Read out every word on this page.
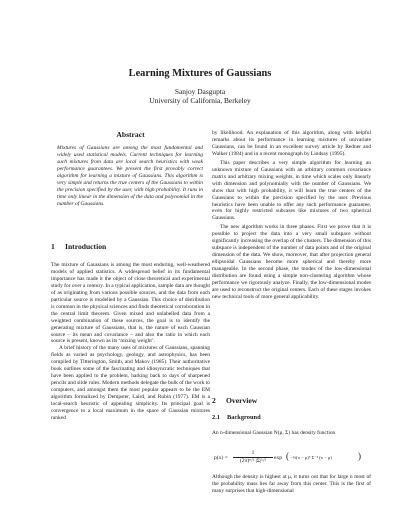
Learning Mixtures of Gaussians
Sanjoy Dasgupta
University of California, Berkeley
Abstract
Mixtures of Gaussians are among the most fundamental and widely used statistical models. Current techniques for learning such mixtures from data are local search heuristics with weak performance guarantees. We present the first provably correct algorithm for learning a mixture of Gaussians. This algorithm is very simple and returns the true centers of the Gaussians to within the precision specified by the user, with high probability. It runs in time only linear in the dimension of the data and polynomial in the number of Gaussians.
1 Introduction

The mixture of Gaussians is among the most enduring, well-weathered models of applied statistics. A widespread belief in its fundamental importance has made it the object of close theoretical and experimental study for over a century. In a typical application, sample data are thought of as originating from various possible sources, and the data from each particular source is modelled by a Gaussian. This choice of distribution is common in the physical sciences and finds theoretical corroboration in the central limit theorem. Given mixed and unlabelled data from a weighted combination of these sources, the goal is to identify the generating mixture of Gaussians, that is, the nature of each Gaussian source – its mean and covariance – and also the ratio in which each source is present, known as its ‘mixing weight’.

A brief history of the many uses of mixtures of Gaussians, spanning fields as varied as psychology, geology, and astrophysics, has been compiled by Titterington, Smith, and Makov (1985). Their authoritative book outlines some of the fascinating and idiosyncratic techniques that have been applied to the problem, harking back to days of sharpened pencils and slide rules. Modern methods delegate the bulk of the work to computers, and amongst them the most popular appears to be the EM algorithm formalized by Dempster, Laird, and Rubin (1977). EM is a local-search heuristic of appealing simplicity. Its principal goal is convergence to a local maximum in the space of Gaussian mixtures ranked

by likelihood. An explanation of this algorithm, along with helpful remarks about its performance in learning mixtures of univariate Gaussians, can be found in an excellent survey article by Redner and Walker (1984) and in a recent monograph by Lindsay (1995).

This paper describes a very simple algorithm for learning an unknown mixture of Gaussians with an arbitrary common covariance matrix and arbitrary mixing weights, in time which scales only linearly with dimension and polynomially with the number of Gaussians. We show that with high probability, it will learn the true centers of the Gaussians to within the precision specified by the user. Previous heuristics have been unable to offer any such performance guarantee, even for highly restricted subcases like mixtures of two spherical Gaussians.

The new algorithm works in three phases. First we prove that it is possible to project the data into a very small subspace without significantly increasing the overlap of the clusters. The dimension of this subspace is independent of the number of data points and of the original dimension of the data. We show, moreover, that after projection general ellipsoidal Gaussians become more spherical and thereby more manageable. In the second phase, the modes of the low-dimensional distribution are found using a simple non-clustering algorithm whose performance we rigorously analyze. Finally, the low-dimensional modes are used to reconstruct the original centers. Each of these stages invokes new technical tools of more general applicability.

2 Overview
2.1 Background

An n-dimensional Gaussian N(μ, Σ) has density function

$p(x) = \frac{1}{\text{(2π)ⁿ/² |Σ|¹/²}}$ exp ( −½(x − μ)ᵀ Σ⁻¹ (x − μ)	)

Although the density is highest at μ, it turns out that for large n most of the probability mass lies far away from this center. This is the first of many surprises that high-dimensional
